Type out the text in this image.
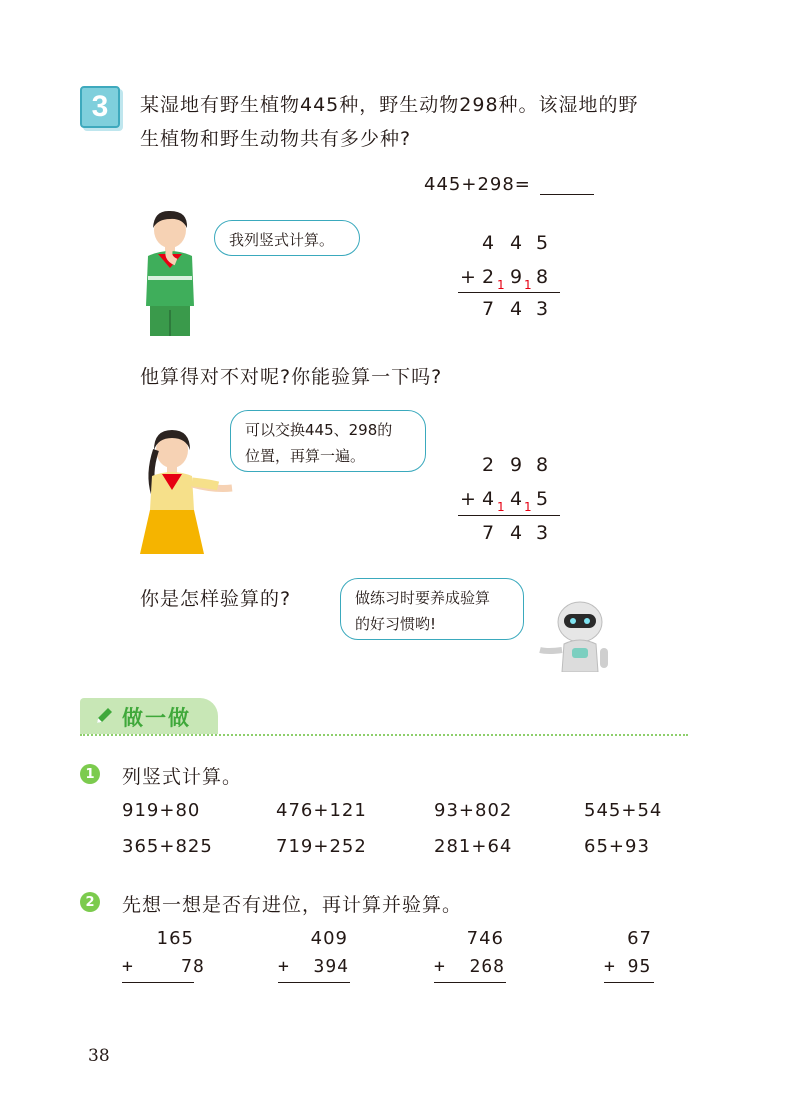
3	某湿地有野生植物445种，野生动物298种。该湿地的野
生植物和野生动物共有多少种?
445+298=
我列竖式计算。	4 4 5
+ 2 1 9 1 8
7 4 3
他算得对不对呢?你能验算一下吗?
可以交换445、298的
位置，再算一遍。	2 9 8
+ 4 1 4 1 5
7 4 3
你是怎样验算的?	做练习时要养成验算
的好习惯哟!
做一做
1 列竖式计算。
919+80	476+121	93+802	545+54
365+825	719+252	281+64	65+93
2 先想一想是否有进位，再计算并验算。
165
+    78
409
+  394
746
+  268
67
+ 95
38
